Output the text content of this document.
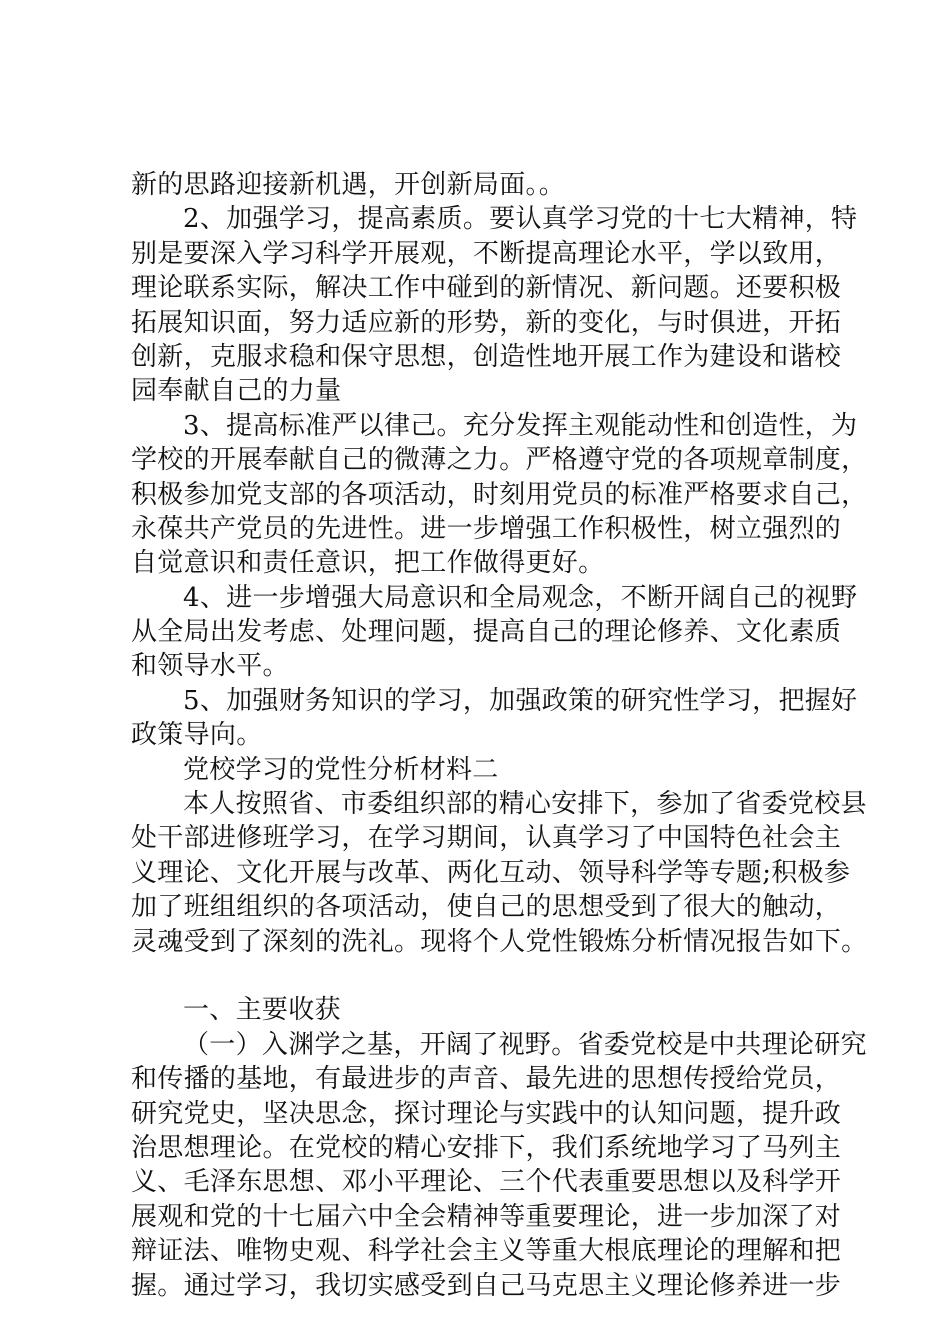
新的思路迎接新机遇，开创新局面。。
2、加强学习，提高素质。要认真学习党的十七大精神，特
别是要深入学习科学开展观，不断提高理论水平，学以致用，
理论联系实际，解决工作中碰到的新情况、新问题。还要积极
拓展知识面，努力适应新的形势，新的变化，与时俱进，开拓
创新，克服求稳和保守思想，创造性地开展工作为建设和谐校
园奉献自己的力量
3、提高标准严以律己。充分发挥主观能动性和创造性，为
学校的开展奉献自己的微薄之力。严格遵守党的各项规章制度，
积极参加党支部的各项活动，时刻用党员的标准严格要求自己，
永葆共产党员的先进性。进一步增强工作积极性，树立强烈的
自觉意识和责任意识，把工作做得更好。
4、进一步增强大局意识和全局观念，不断开阔自己的视野
从全局出发考虑、处理问题，提高自己的理论修养、文化素质
和领导水平。
5、加强财务知识的学习，加强政策的研究性学习，把握好
政策导向。
党校学习的党性分析材料二
本人按照省、市委组织部的精心安排下，参加了省委党校县
处干部进修班学习，在学习期间，认真学习了中国特色社会主
义理论、文化开展与改革、两化互动、领导科学等专题;积极参
加了班组组织的各项活动，使自己的思想受到了很大的触动，
灵魂受到了深刻的洗礼。现将个人党性锻炼分析情况报告如下。
一、主要收获
（一）入渊学之基，开阔了视野。省委党校是中共理论研究
和传播的基地，有最进步的声音、最先进的思想传授给党员，
研究党史，坚决思念，探讨理论与实践中的认知问题，提升政
治思想理论。在党校的精心安排下，我们系统地学习了马列主
义、毛泽东思想、邓小平理论、三个代表重要思想以及科学开
展观和党的十七届六中全会精神等重要理论，进一步加深了对
辩证法、唯物史观、科学社会主义等重大根底理论的理解和把
握。通过学习，我切实感受到自己马克思主义理论修养进一步
